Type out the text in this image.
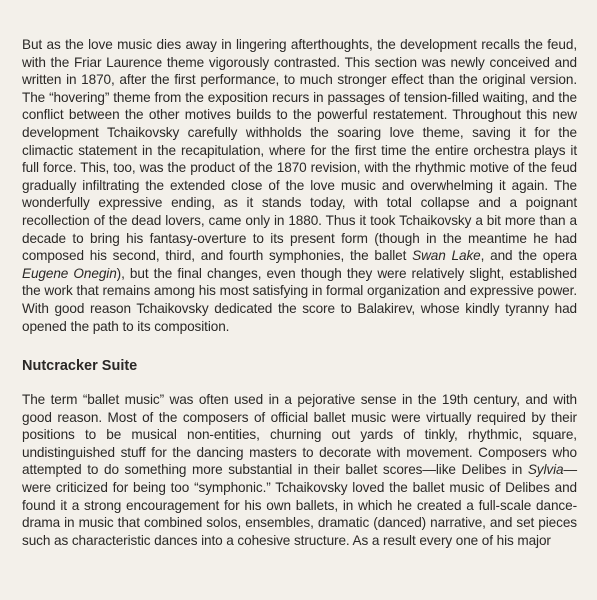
But as the love music dies away in lingering afterthoughts, the development recalls the feud, with the Friar Laurence theme vigorously contrasted. This section was newly conceived and written in 1870, after the first performance, to much stronger effect than the original version. The “hovering” theme from the exposition recurs in passages of tension-filled waiting, and the conflict between the other motives builds to the powerful restatement. Throughout this new development Tchaikovsky carefully withholds the soaring love theme, saving it for the climactic statement in the recapitulation, where for the first time the entire orchestra plays it full force. This, too, was the product of the 1870 revision, with the rhythmic motive of the feud gradually infiltrating the extended close of the love music and overwhelming it again. The wonderfully expressive ending, as it stands today, with total collapse and a poignant recollection of the dead lovers, came only in 1880. Thus it took Tchaikovsky a bit more than a decade to bring his fantasy-overture to its present form (though in the meantime he had composed his second, third, and fourth symphonies, the ballet Swan Lake, and the opera Eugene Onegin), but the final changes, even though they were relatively slight, established the work that remains among his most satisfying in formal organization and expressive power. With good reason Tchaikovsky dedicated the score to Balakirev, whose kindly tyranny had opened the path to its composition.

Nutcracker Suite

The term “ballet music” was often used in a pejorative sense in the 19th century, and with good reason. Most of the composers of official ballet music were virtually required by their positions to be musical non-entities, churning out yards of tinkly, rhythmic, square, undistinguished stuff for the dancing masters to decorate with movement. Composers who attempted to do something more substantial in their ballet scores—like Delibes in Sylvia—were criticized for being too “symphonic.” Tchaikovsky loved the ballet music of Delibes and found it a strong encouragement for his own ballets, in which he created a full-scale dance-drama in music that combined solos, ensembles, dramatic (danced) narrative, and set pieces such as characteristic dances into a cohesive structure. As a result every one of his major
